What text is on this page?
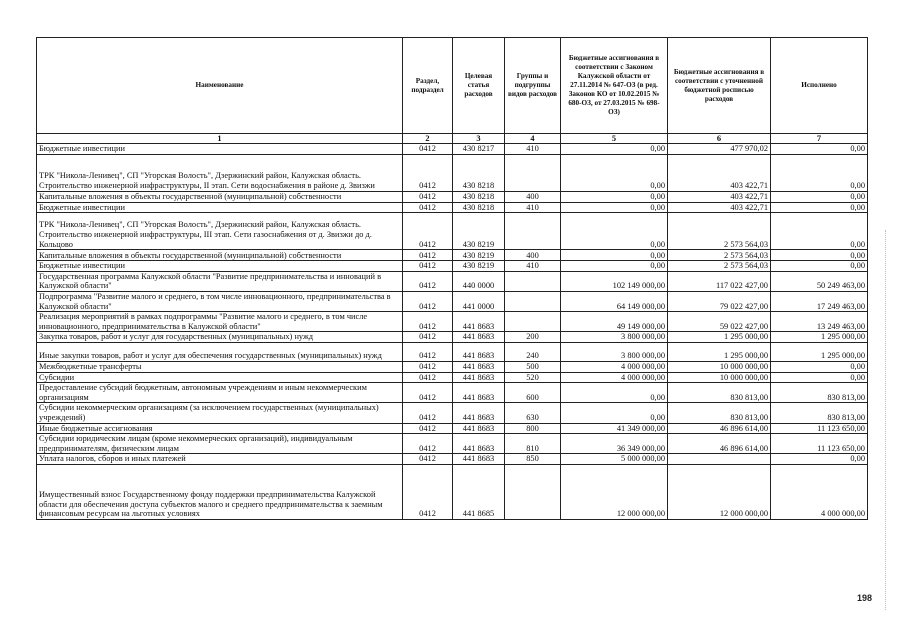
Наименование	Раздел, подраздел	Целевая статья расходов	Группы и подгруппы видов расходов	Бюджетные ассигнования в соответствии с Законом Калужской области от 27.11.2014 № 647-ОЗ (в ред. Законов КО от 10.02.2015 № 680-ОЗ, от 27.03.2015 № 698-ОЗ)	Бюджетные ассигнования в соответствии с уточненной бюджетной росписью расходов	Исполнено
1	2	3	4	5	6	7
Бюджетные инвестиции	0412	430 8217	410	0,00	477 970,02	0,00
ТРК "Никола-Ленивец", СП "Угорская Волость", Дзержинский район, Калужская область. Строительство инженерной инфраструктуры, II этап. Сети водоснабжения в районе д. Звизжи	0412	430 8218		0,00	403 422,71	0,00
Капитальные вложения в объекты государственной (муниципальной) собственности	0412	430 8218	400	0,00	403 422,71	0,00
Бюджетные инвестиции	0412	430 8218	410	0,00	403 422,71	0,00
ТРК "Никола-Ленивец", СП "Угорская Волость", Дзержинский район, Калужская область. Строительство инженерной инфраструктуры, III этап. Сети газоснабжения от д. Звизжи до д. Кольцово	0412	430 8219		0,00	2 573 564,03	0,00
Капитальные вложения в объекты государственной (муниципальной) собственности	0412	430 8219	400	0,00	2 573 564,03	0,00
Бюджетные инвестиции	0412	430 8219	410	0,00	2 573 564,03	0,00
Государственная программа Калужской области "Развитие предпринимательства и инноваций в Калужской области"	0412	440 0000		102 149 000,00	117 022 427,00	50 249 463,00
Подпрограмма "Развитие малого и среднего, в том числе инновационного, предпринимательства в Калужской области"	0412	441 0000		64 149 000,00	79 022 427,00	17 249 463,00
Реализация мероприятий в рамках подпрограммы "Развитие малого и среднего, в том числе инновационного, предпринимательства в Калужской области"	0412	441 8683		49 149 000,00	59 022 427,00	13 249 463,00
Закупка товаров, работ и услуг для государственных (муниципальных) нужд	0412	441 8683	200	3 800 000,00	1 295 000,00	1 295 000,00
Иные закупки товаров, работ и услуг для обеспечения государственных (муниципальных) нужд	0412	441 8683	240	3 800 000,00	1 295 000,00	1 295 000,00
Межбюджетные трансферты	0412	441 8683	500	4 000 000,00	10 000 000,00	0,00
Субсидии	0412	441 8683	520	4 000 000,00	10 000 000,00	0,00
Предоставление субсидий бюджетным, автономным учреждениям и иным некоммерческим организациям	0412	441 8683	600	0,00	830 813,00	830 813,00
Субсидии некоммерческим организациям (за исключением государственных (муниципальных) учреждений)	0412	441 8683	630	0,00	830 813,00	830 813,00
Иные бюджетные ассигнования	0412	441 8683	800	41 349 000,00	46 896 614,00	11 123 650,00
Субсидии юридическим лицам (кроме некоммерческих организаций), индивидуальным предпринимателям, физическим лицам	0412	441 8683	810	36 349 000,00	46 896 614,00	11 123 650,00
Уплата налогов, сборов и иных платежей	0412	441 8683	850	5 000 000,00		0,00
Имущественный взнос Государственному фонду поддержки предпринимательства Калужской области для обеспечения доступа субъектов малого и среднего предпринимательства к заемным финансовым ресурсам на льготных условиях	0412	441 8685		12 000 000,00	12 000 000,00	4 000 000,00
198
